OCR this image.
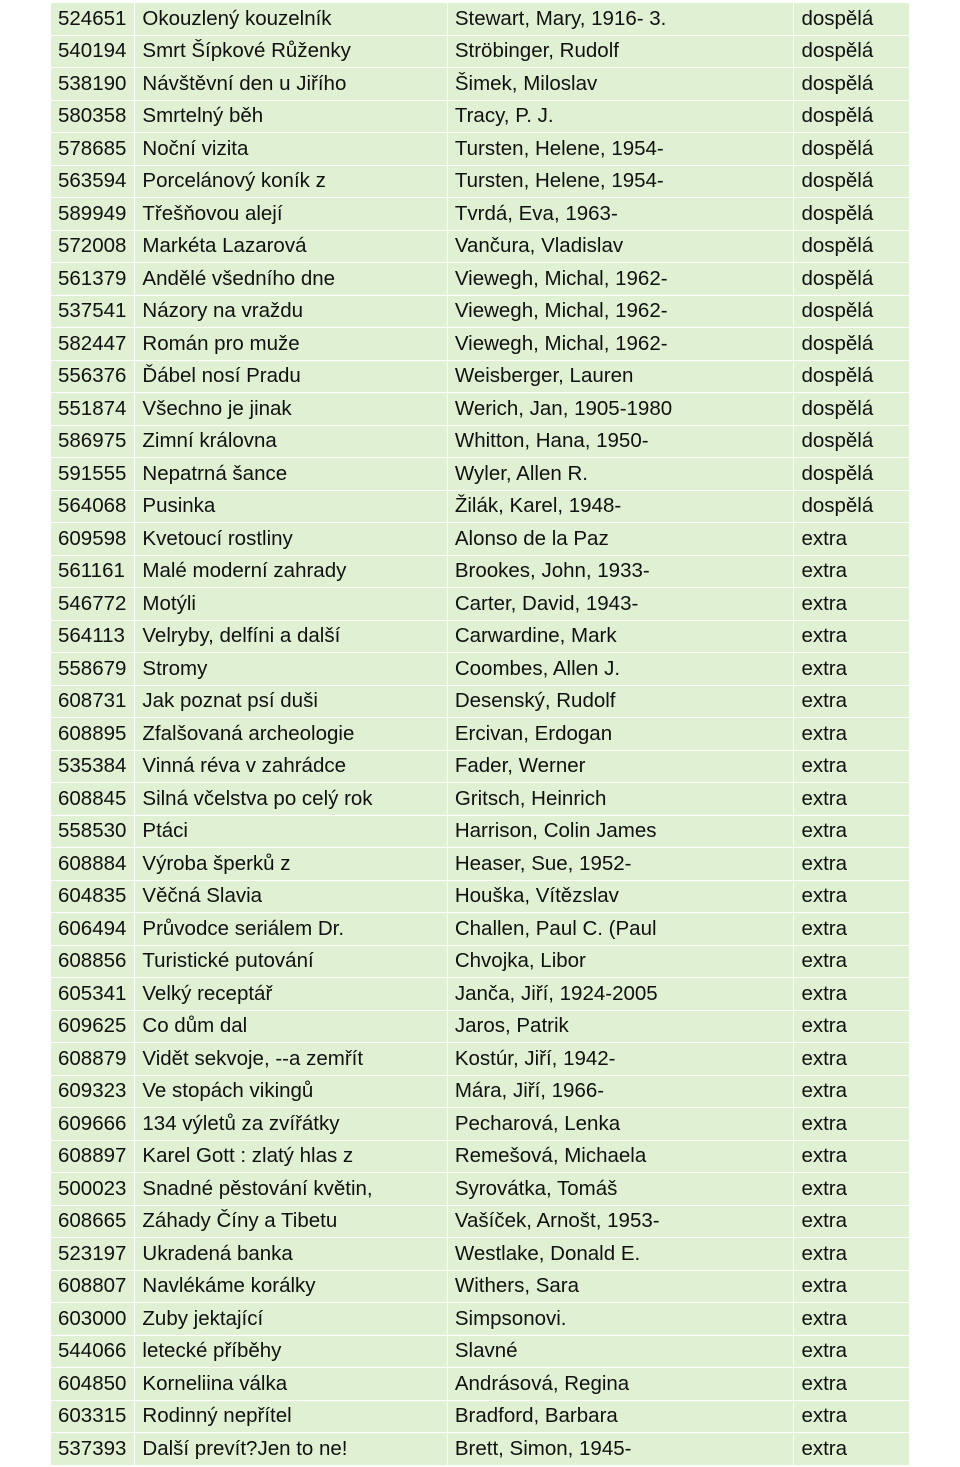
524651	Okouzlený kouzelník	Stewart, Mary, 1916- 3.	dospělá
540194	Smrt Šípkové Růženky	Ströbinger, Rudolf	dospělá
538190	Návštěvní den u Jiřího	Šimek, Miloslav	dospělá
580358	Smrtelný běh	Tracy, P. J.	dospělá
578685	Noční vizita	Tursten, Helene, 1954-	dospělá
563594	Porcelánový koník z	Tursten, Helene, 1954-	dospělá
589949	Třešňovou alejí	Tvrdá, Eva, 1963-	dospělá
572008	Markéta Lazarová	Vančura, Vladislav	dospělá
561379	Andělé všedního dne	Viewegh, Michal, 1962-	dospělá
537541	Názory na vraždu	Viewegh, Michal, 1962-	dospělá
582447	Román pro muže	Viewegh, Michal, 1962-	dospělá
556376	Ďábel nosí Pradu	Weisberger, Lauren	dospělá
551874	Všechno je jinak	Werich, Jan, 1905-1980	dospělá
586975	Zimní královna	Whitton, Hana, 1950-	dospělá
591555	Nepatrná šance	Wyler, Allen R.	dospělá
564068	Pusinka	Žilák, Karel, 1948-	dospělá
609598	Kvetoucí rostliny	Alonso de la Paz	extra
561161	Malé moderní zahrady	Brookes, John, 1933-	extra
546772	Motýli	Carter, David, 1943-	extra
564113	Velryby, delfíni a další	Carwardine, Mark	extra
558679	Stromy	Coombes, Allen J.	extra
608731	Jak poznat psí duši	Desenský, Rudolf	extra
608895	Zfalšovaná archeologie	Ercivan, Erdogan	extra
535384	Vinná réva v zahrádce	Fader, Werner	extra
608845	Silná včelstva po celý rok	Gritsch, Heinrich	extra
558530	Ptáci	Harrison, Colin James	extra
608884	Výroba šperků z	Heaser, Sue, 1952-	extra
604835	Věčná Slavia	Houška, Vítězslav	extra
606494	Průvodce seriálem Dr.	Challen, Paul C. (Paul	extra
608856	Turistické putování	Chvojka, Libor	extra
605341	Velký receptář	Janča, Jiří, 1924-2005	extra
609625	Co dům dal	Jaros, Patrik	extra
608879	Vidět sekvoje, --a zemřít	Kostúr, Jiří, 1942-	extra
609323	Ve stopách vikingů	Mára, Jiří, 1966-	extra
609666	134 výletů za zvířátky	Pecharová, Lenka	extra
608897	Karel Gott : zlatý hlas z	Remešová, Michaela	extra
500023	Snadné pěstování květin,	Syrovátka, Tomáš	extra
608665	Záhady Číny a Tibetu	Vašíček, Arnošt, 1953-	extra
523197	Ukradená banka	Westlake, Donald E.	extra
608807	Navlékáme korálky	Withers, Sara	extra
603000	Zuby jektající	Simpsonovi.	extra
544066	letecké příběhy	Slavné	extra
604850	Korneliina válka	Andrásová, Regina	extra
603315	Rodinný nepřítel	Bradford, Barbara	extra
537393	Další prevít?Jen to ne!	Brett, Simon, 1945-	extra
